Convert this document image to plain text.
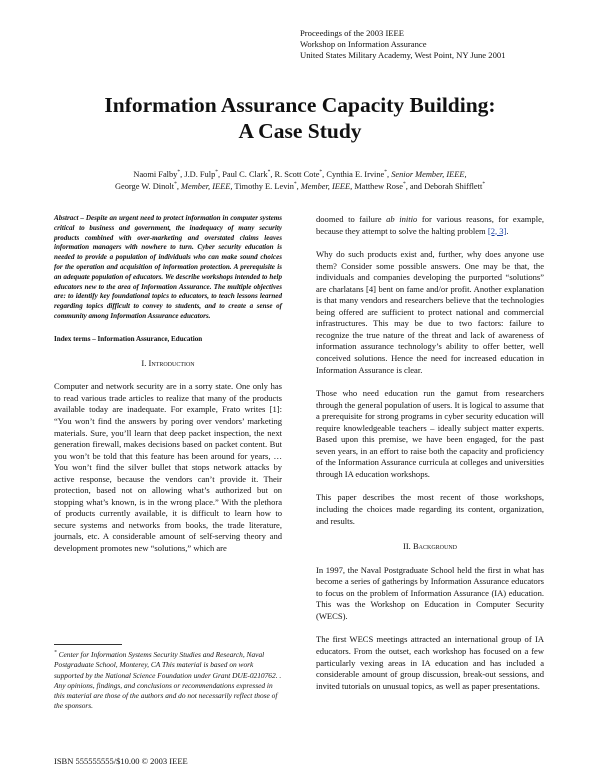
Proceedings of the 2003 IEEE
Workshop on Information Assurance
United States Military Academy, West Point, NY June 2001
Information Assurance Capacity Building:
A Case Study
Naomi Falby*, J.D. Fulp*, Paul C. Clark*, R. Scott Cote*, Cynthia E. Irvine*, Senior Member, IEEE,
George W. Dinolt*, Member, IEEE, Timothy E. Levin*, Member, IEEE, Matthew Rose*, and Deborah Shifflett*

Abstract – Despite an urgent need to protect information in computer systems critical to business and government, the inadequacy of many security products combined with over-marketing and overstated claims leaves information managers with nowhere to turn. Cyber security education is needed to provide a population of individuals who can make sound choices for the operation and acquisition of information protection. A prerequisite is an adequate population of educators. We describe workshops intended to help educators new to the area of Information Assurance. The multiple objectives are: to identify key foundational topics to educators, to teach lessons learned regarding topics difficult to convey to students, and to create a sense of community among Information Assurance educators.

Index terms – Information Assurance, Education

I. Introduction

Computer and network security are in a sorry state. One only has to read various trade articles to realize that many of the products available today are inadequate. For example, Frato writes [1]: “You won’t find the answers by poring over vendors’ marketing materials. Sure, you’ll learn that deep packet inspection, the next generation firewall, makes decisions based on packet content. But you won’t be told that this feature has been around for years, … You won’t find the silver bullet that stops network attacks by active response, because the vendors can’t provide it. Their protection, based not on allowing what’s authorized but on stopping what’s known, is in the wrong place.” With the plethora of products currently available, it is difficult to learn how to secure systems and networks from books, the trade literature, journals, etc. A considerable amount of self-serving theory and development promotes new “solutions,” which are

* Center for Information Systems Security Studies and Research, Naval Postgraduate School, Monterey, CA This material is based on work supported by the National Science Foundation under Grant DUE-0210762. . Any opinions, findings, and conclusions or recommendations expressed in this material are those of the authors and do not necessarily reflect those of the sponsors.
ISBN 555555555/$10.00 © 2003 IEEE

doomed to failure ab initio for various reasons, for example, because they attempt to solve the halting problem [2, 3].

Why do such products exist and, further, why does anyone use them? Consider some possible answers. One may be that, the individuals and companies developing the purported “solutions” are charlatans [4] bent on fame and/or profit. Another explanation is that many vendors and researchers believe that the technologies being offered are sufficient to protect national and commercial infrastructures. This may be due to two factors: failure to recognize the true nature of the threat and lack of awareness of information assurance technology’s ability to offer better, well conceived solutions. Hence the need for increased education in Information Assurance is clear.

Those who need education run the gamut from researchers through the general population of users. It is logical to assume that a prerequisite for strong programs in cyber security education will require knowledgeable teachers – ideally subject matter experts. Based upon this premise, we have been engaged, for the past seven years, in an effort to raise both the capacity and proficiency of the Information Assurance curricula at colleges and universities through IA education workshops.

This paper describes the most recent of those workshops, including the choices made regarding its content, organization, and results.

II. Background

In 1997, the Naval Postgraduate School held the first in what has become a series of gatherings by Information Assurance educators to focus on the problem of Information Assurance (IA) education. This was the Workshop on Education in Computer Security (WECS).

The first WECS meetings attracted an international group of IA educators. From the outset, each workshop has focused on a few particularly vexing areas in IA education and has included a considerable amount of group discussion, break-out sessions, and invited tutorials on unusual topics, as well as paper presentations.
